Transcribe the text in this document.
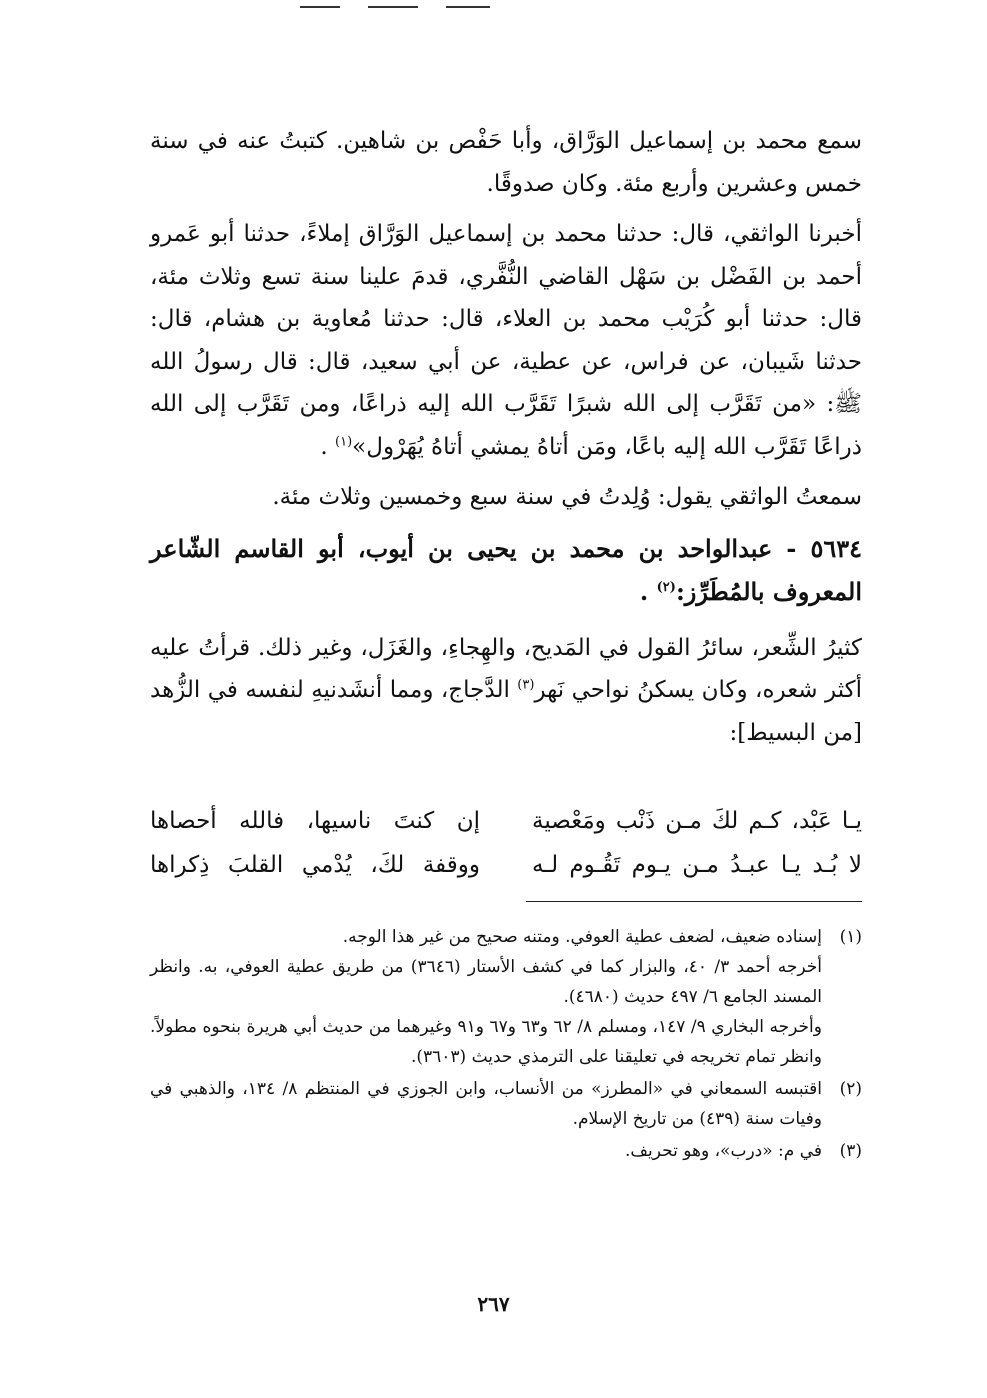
سمع محمد بن إسماعيل الوَرَّاق، وأبا حَفْص بن شاهين. كتبتُ عنه في سنة خمس وعشرين وأربع مئة. وكان صدوقًا.

أخبرنا الواثقي، قال: حدثنا محمد بن إسماعيل الوَرَّاق إملاءً، حدثنا أبو عَمرو أحمد بن الفَضْل بن سَهْل القاضي النُّفَّري، قدمَ علينا سنة تسع وثلاث مئة، قال: حدثنا أبو كُرَيْب محمد بن العلاء، قال: حدثنا مُعاوية بن هشام، قال: حدثنا شَيبان، عن فراس، عن عطية، عن أبي سعيد، قال: قال رسولُ الله ﷺ: «من تَقَرَّب إلى الله شبرًا تَقَرَّب الله إليه ذراعًا، ومن تَقَرَّب إلى الله ذراعًا تَقَرَّب الله إليه باعًا، ومَن أتاهُ يمشي أتاهُ يُهَرْول»$^{(١)}$ .

سمعتُ الواثقي يقول: وُلِدتُ في سنة سبع وخمسين وثلاث مئة.

٥٦٣٤ - عبدالواحد بن محمد بن يحيى بن أيوب، أبو القاسم الشّاعر المعروف بالمُطَرِّز:$^{(٢)}$ .

كثيرُ الشِّعر، سائرُ القول في المَديح، والهِجاءِ، والغَزَل، وغير ذلك. قرأتُ عليه أكثر شعره، وكان يسكنُ نواحي نَهر$^{(٣)}$ الدَّجاج، ومما أنشَدنيهِ لنفسه في الزُّهد [من البسيط]:

يـا عَبْد، كـم لكَ مـن ذَنْب ومَعْصية
إن كنتَ ناسيها، فالله أحصاها
لا بُـد يـا عبـدُ مـن يـوم تَقُـوم لـه
ووقفة لكَ، يُدْمي القلبَ ذِكراها
(١)
إسناده ضعيف، لضعف عطية العوفي. ومتنه صحيح من غير هذا الوجه.
أخرجه أحمد ٣/ ٤٠، والبزار كما في كشف الأستار (٣٦٤٦) من طريق عطية العوفي، به. وانظر المسند الجامع ٦/ ٤٩٧ حديث (٤٦٨٠).
وأخرجه البخاري ٩/ ١٤٧، ومسلم ٨/ ٦٢ و٦٣ و٦٧ و٩١ وغيرهما من حديث أبي هريرة بنحوه مطولاً. وانظر تمام تخريجه في تعليقنا على الترمذي حديث (٣٦٠٣).
(٢)
اقتبسه السمعاني في «المطرز» من الأنساب، وابن الجوزي في المنتظم ٨/ ١٣٤، والذهبي في وفيات سنة (٤٣٩) من تاريخ الإسلام.
(٣)
في م: «درب»، وهو تحريف.
٢٦٧
